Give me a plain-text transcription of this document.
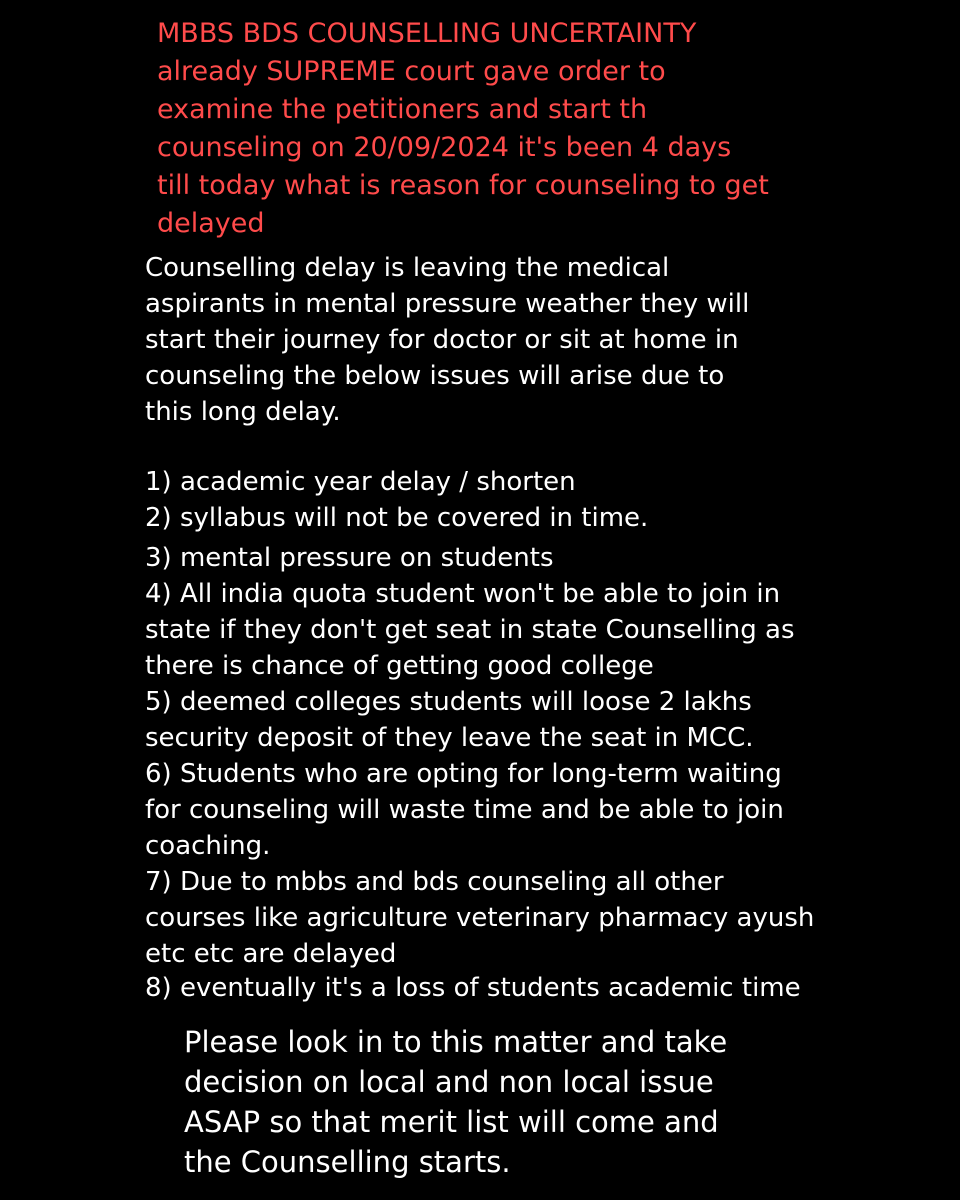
MBBS BDS COUNSELLING UNCERTAINTY

already SUPREME court gave order to

examine the petitioners and start th

counseling on 20/09/2024 it's been 4 days

till today what is reason for counseling to get

delayed

Counselling delay is leaving the medical

aspirants in mental pressure weather they will

start their journey for doctor or sit at home in

counseling the below issues will arise due to

this long delay.

1) academic year delay / shorten

2) syllabus will not be covered in time.

3) mental pressure on students

4) All india quota student won't be able to join in

state if they don't get seat in state Counselling as

there is chance of getting good college

5) deemed colleges students will loose 2 lakhs

security deposit of they leave the seat in MCC.

6) Students who are opting for long-term waiting

for counseling will waste time and be able to join

coaching.

7) Due to mbbs and bds counseling all other

courses like agriculture veterinary pharmacy ayush

etc etc are delayed

8) eventually it's a loss of students academic time

Please look in to this matter and take

decision on local and non local issue

ASAP so that merit list will come and

the Counselling starts.
